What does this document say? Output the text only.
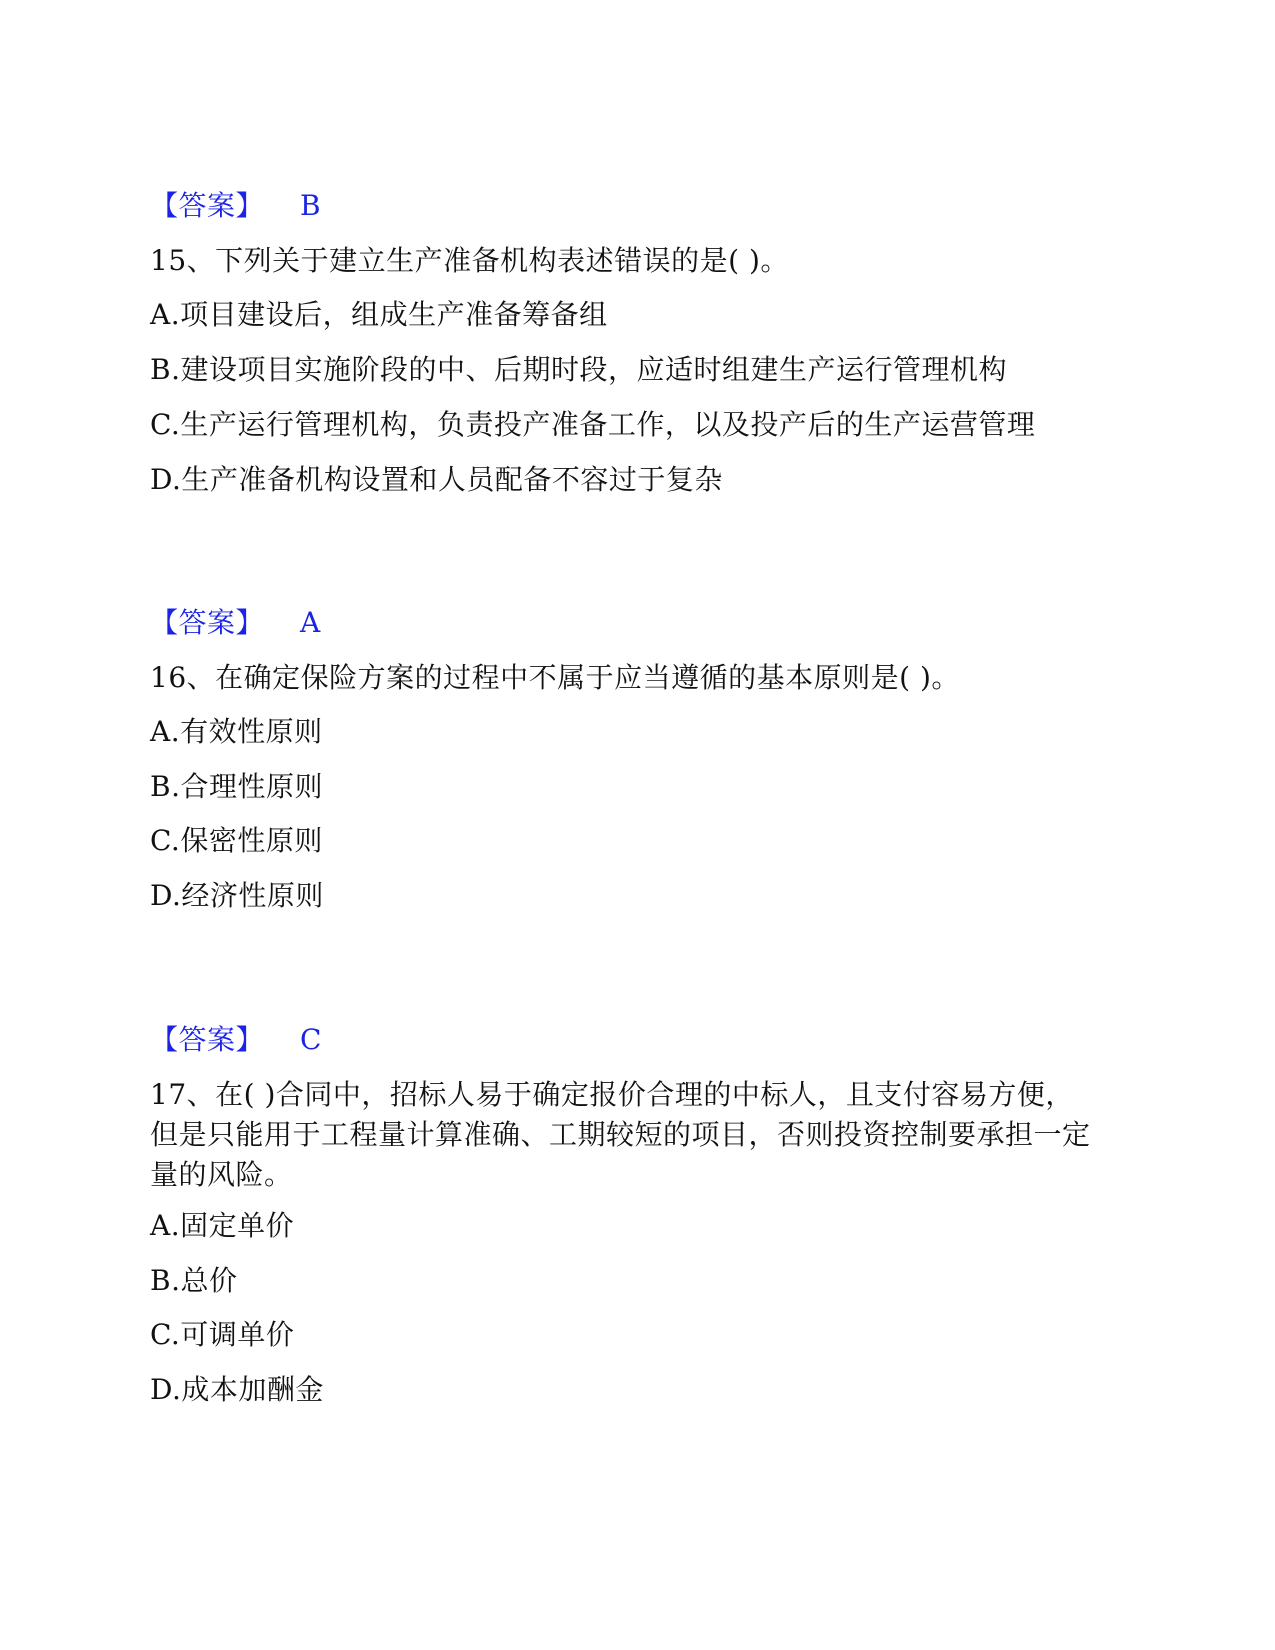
【答案】 B
15、下列关于建立生产准备机构表述错误的是( )。
A.项目建设后，组成生产准备筹备组
B.建设项目实施阶段的中、后期时段，应适时组建生产运行管理机构
C.生产运行管理机构，负责投产准备工作，以及投产后的生产运营管理
D.生产准备机构设置和人员配备不容过于复杂
【答案】 A
16、在确定保险方案的过程中不属于应当遵循的基本原则是( )。
A.有效性原则
B.合理性原则
C.保密性原则
D.经济性原则
【答案】 C
17、在( )合同中，招标人易于确定报价合理的中标人，且支付容易方便，
但是只能用于工程量计算准确、工期较短的项目，否则投资控制要承担一定
量的风险。
A.固定单价
B.总价
C.可调单价
D.成本加酬金
